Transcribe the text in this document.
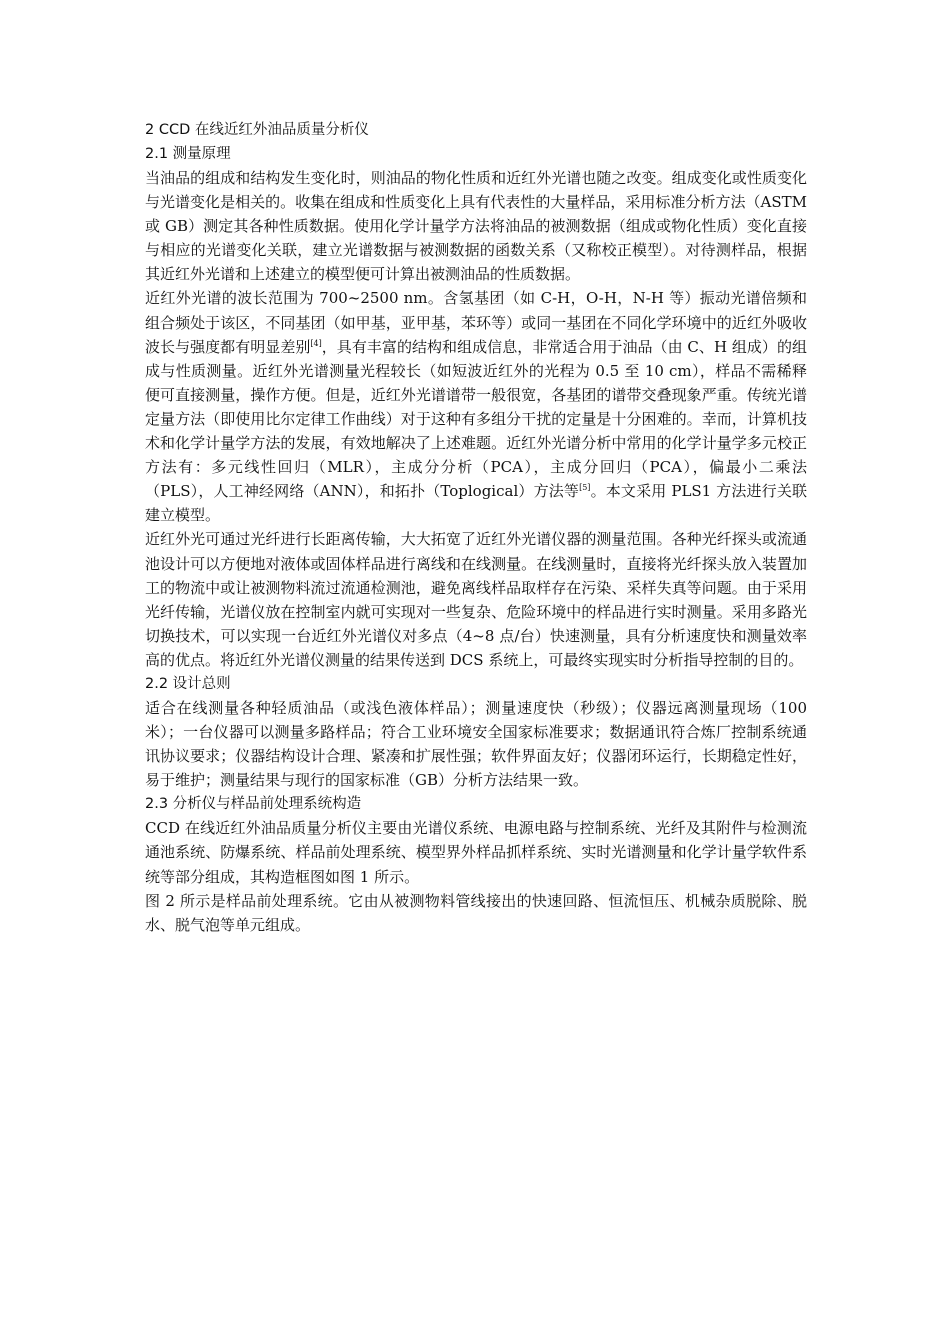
2 CCD 在线近红外油品质量分析仪

2.1 测量原理

当油品的组成和结构发生变化时，则油品的物化性质和近红外光谱也随之改变。组成变化或性质变化与光谱变化是相关的。收集在组成和性质变化上具有代表性的大量样品，采用标准分析方法（ASTM 或 GB）测定其各种性质数据。使用化学计量学方法将油品的被测数据（组成或物化性质）变化直接与相应的光谱变化关联，建立光谱数据与被测数据的函数关系（又称校正模型）。对待测样品，根据其近红外光谱和上述建立的模型便可计算出被测油品的性质数据。

近红外光谱的波长范围为 700~2500 nm。含氢基团（如 C-H，O-H，N-H 等）振动光谱倍频和组合频处于该区，不同基团（如甲基，亚甲基，苯环等）或同一基团在不同化学环境中的近红外吸收波长与强度都有明显差别[4]，具有丰富的结构和组成信息，非常适合用于油品（由 C、H 组成）的组成与性质测量。近红外光谱测量光程较长（如短波近红外的光程为 0.5 至 10 cm），样品不需稀释便可直接测量，操作方便。但是，近红外光谱谱带一般很宽，各基团的谱带交叠现象严重。传统光谱定量方法（即使用比尔定律工作曲线）对于这种有多组分干扰的定量是十分困难的。幸而，计算机技术和化学计量学方法的发展，有效地解决了上述难题。近红外光谱分析中常用的化学计量学多元校正方法有：多元线性回归（MLR），主成分分析（PCA），主成分回归（PCA），偏最小二乘法（PLS），人工神经网络（ANN），和拓扑（Toplogical）方法等[5]。本文采用 PLS1 方法进行关联建立模型。

近红外光可通过光纤进行长距离传输，大大拓宽了近红外光谱仪器的测量范围。各种光纤探头或流通池设计可以方便地对液体或固体样品进行离线和在线测量。在线测量时，直接将光纤探头放入装置加工的物流中或让被测物料流过流通检测池，避免离线样品取样存在污染、采样失真等问题。由于采用光纤传输，光谱仪放在控制室内就可实现对一些复杂、危险环境中的样品进行实时测量。采用多路光切换技术，可以实现一台近红外光谱仪对多点（4~8 点/台）快速测量，具有分析速度快和测量效率高的优点。将近红外光谱仪测量的结果传送到 DCS 系统上，可最终实现实时分析指导控制的目的。

2.2 设计总则

适合在线测量各种轻质油品（或浅色液体样品）；测量速度快（秒级）；仪器远离测量现场（100 米）；一台仪器可以测量多路样品；符合工业环境安全国家标准要求；数据通讯符合炼厂控制系统通讯协议要求；仪器结构设计合理、紧凑和扩展性强；软件界面友好；仪器闭环运行，长期稳定性好，易于维护；测量结果与现行的国家标准（GB）分析方法结果一致。

2.3 分析仪与样品前处理系统构造

CCD 在线近红外油品质量分析仪主要由光谱仪系统、电源电路与控制系统、光纤及其附件与检测流通池系统、防爆系统、样品前处理系统、模型界外样品抓样系统、实时光谱测量和化学计量学软件系统等部分组成，其构造框图如图 1 所示。

图 2 所示是样品前处理系统。它由从被测物料管线接出的快速回路、恒流恒压、机械杂质脱除、脱水、脱气泡等单元组成。
